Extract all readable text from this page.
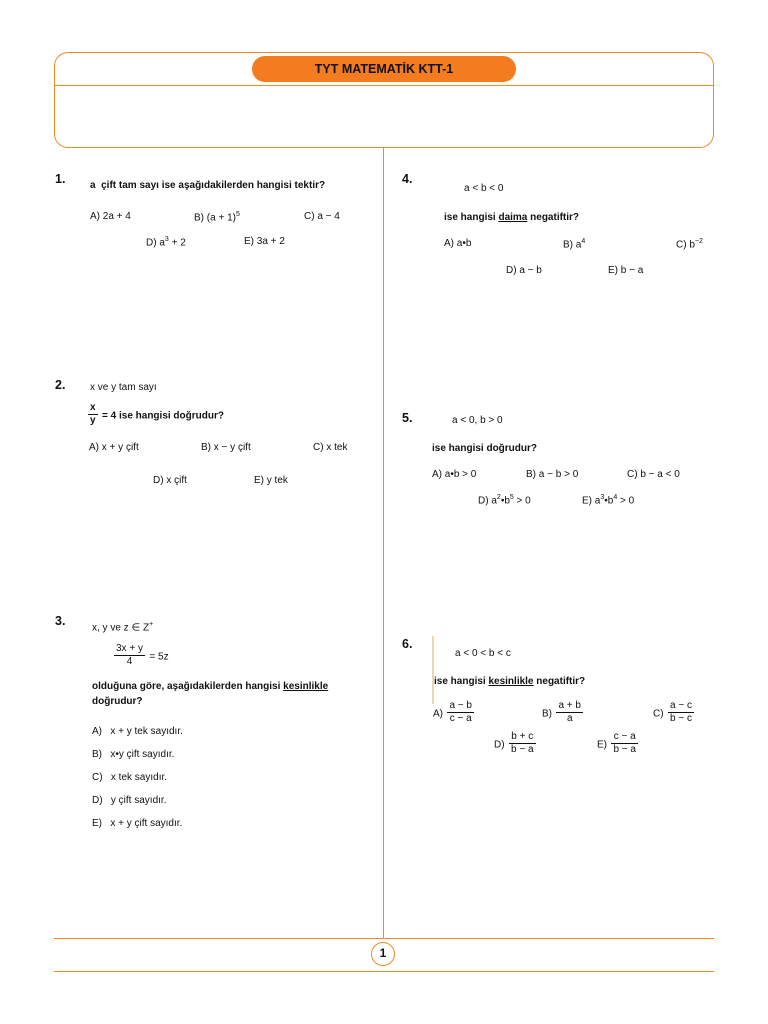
TYT MATEMATİK KTT-1
1. a çift tam sayı ise aşağıdakilerden hangisi tektir?
A) 2a + 4	B) $(a + 1)^5$	C) a − 4
D) $a^3 + 2$	E) 3a + 2
2. x ve y tam sayı
$\frac{x}{y} = 4$ ise hangisi doğrudur?
A) x + y çift	B) x − y çift	C) x tek
D) x çift	E) y tek
3.	x, y ve z ∈ Z+
$\frac{3x + y}{4} = 5z$
olduğuna göre, aşağıdakilerden hangisi kesinlikle
doğrudur?
A) x + y tek sayıdır.
B) x•y çift sayıdır.
C) x tek sayıdır.
D) y çift sayıdır.
E) x + y çift sayıdır.
4.
a < b < 0
ise hangisi daima negatiftir?
A) a•b	B) $a^4$	C) $b^{-2}$
D) a − b	E) b − a
5.	a < 0, b > 0
ise hangisi doğrudur?
A) a•b > 0	B) a − b > 0	C) b − a < 0
D) $a^2•b^5 > 0$	E) $a^3•b^4 > 0$
6.
a < 0 < b < c
ise hangisi kesinlikle negatiftir?
$A) \frac{a - b}{c - a}$	$B) \frac{a + b}{a}$	$C) \frac{a - c}{b - c}$
$D) \frac{b + c}{b - a}$	$E) \frac{c - a}{b - a}$
1
